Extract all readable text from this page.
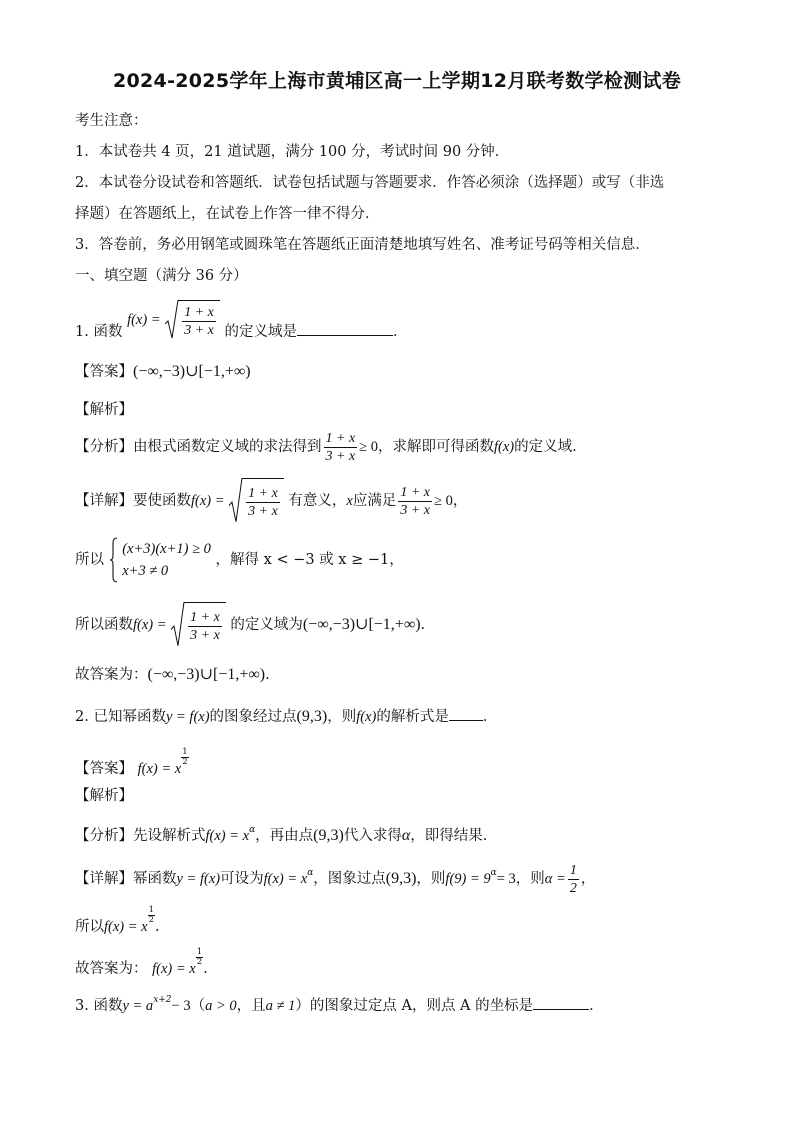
2024-2025学年上海市黄埔区高一上学期12月联考数学检测试卷
考生注意：
1．本试卷共 4 页，21 道试题，满分 100 分，考试时间 90 分钟．
2．本试卷分设试卷和答题纸．试卷包括试题与答题要求．作答必须涂（选择题）或写（非选
择题）在答题纸上，在试卷上作答一律不得分．
3．答卷前，务必用钢笔或圆珠笔在答题纸正面清楚地填写姓名、准考证号码等相关信息．
一、填空题（满分 36 分）
1. 函数 $f(x) = \frac{1 + x}{3 + x}$ 的定义域是	．
【答案】(−∞,−3)∪[−1,+∞)
【解析】
【分析】由根式函数定义域的求法得到 $\frac{1 + x}{3 + x} \ge 0$，求解即可得函数f(x)的定义域.
【详解】要使函数$f(x) = \frac{1 + x}{3 + x}$ 有意义，x应满足 $\frac{1 + x}{3 + x} \ge 0$，
所以
(x+3)(x+1) ≥ 0
x+3 ≠ 0
，解得 x < −3 或 x ≥ −1，
所以函数$f(x) = \frac{1 + x}{3 + x}$ 的定义域为(−∞,−3)∪[−1,+∞).
故答案为：(−∞,−3)∪[−1,+∞).
2. 已知幂函数y = f(x)的图象经过点(9,3)，则f(x)的解析式是 ．
【答案】 f(x) = x
$\frac{1}{2}$
【解析】
【分析】先设解析式$f(x) = x^\alpha$，再由点(9,3)代入求得α，即得结果.
【详解】幂函数y = f(x)可设为$f(x) = x^\alpha$，图象过点(9,3)，则$f(9) = 9^\alpha= 3$，则$\alpha = \frac{1}{2}$ ，
所以f(x) = x
$\frac{1}{2}$
.
故答案为： f(x) = x
$\frac{1}{2}$
.
3. 函数$y = a^{x+2}- 3(a > 0$，且a ≠ 1）的图象过定点 A，则点 A 的坐标是	．
